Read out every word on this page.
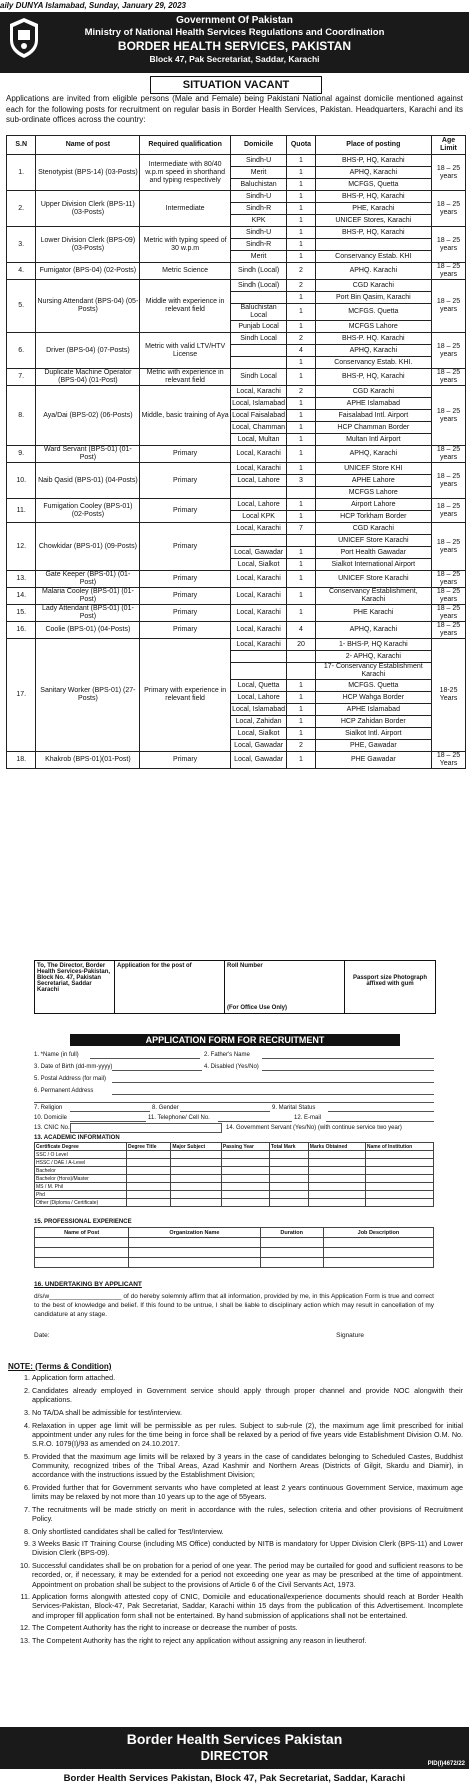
aily DUNYA Islamabad, Sunday, January 29, 2023
Government Of Pakistan
Ministry of National Health Services Regulations and Coordination
BORDER HEALTH SERVICES, PAKISTAN
Block 47, Pak Secretariat, Saddar, Karachi
SITUATION VACANT
Applications are invited from eligible persons (Male and Female) being Pakistani National against domicile mentioned against each for the following posts for recruitment on regular basis in Border Health Services, Pakistan. Headquarters, Karachi and its sub-ordinate offices across the country:
S.N	Name of post	Required qualification	Domicile	Quota	Place of posting	Age Limit
1.	Stenotypist (BPS-14) (03-Posts)	Intermediate with 80/40 w.p.m speed in shorthand and typing respectively	Sindh-U	1	BHS-P, HQ, Karachi	18 – 25 years
			Merit	1	APHQ, Karachi	
			Baluchistan	1	MCFGS, Quetta	
2.	Upper Division Clerk (BPS-11) (03-Posts)	Intermediate	Sindh-U	1	BHS-P, HQ, Karachi	18 – 25 years
			Sindh-R	1	PHE, Karachi	
			KPK	1	UNICEF Stores, Karachi	
3.	Lower Division Clerk (BPS-09) (03-Posts)	Metric with typing speed of 30 w.p.m	Sindh-U	1	BHS-P, HQ, Karachi	18 – 25 years
			Sindh-R	1		
			Merit	1	Conservancy Estab. KHI	
4.	Fumigator (BPS-04) (02-Posts)	Metric Science	Sindh (Local)	2	APHQ. Karachi	18 – 25 years
5.	Nursing Attendant (BPS-04) (05-Posts)	Middle with experience in relevant field	Sindh (Local)	2	CGD Karachi	18 – 25 years
				1	Port Bin Qasim, Karachi	
			Baluchistan Local	1	MCFGS. Quetta	
			Punjab Local	1	MCFGS Lahore	
6.	Driver (BPS-04) (07-Posts)	Metric with valid LTV/HTV License	Sindh Local	2	BHS-P. HQ. Karachi	18 – 25 years
				4	APHQ, Karachi	
				1	Conservancy Estab. KHI.	
7.	Duplicate Machine Operator (BPS-04) (01-Post)	Metric with experience in relevant field	Sindh Local	1	BHS-P, HQ, Karachi	18 – 25 years
8.	Aya/Dai (BPS-02) (06-Posts)	Middle, basic training of Aya	Local, Karachi	2	CGD Karachi	18 – 25 years
			Local, Islamabad	1	APHE Islamabad	
			Local Faisalabad	1	Faisalabad Intl. Airport	
			Local, Chamman	1	HCP Chamman Border	
			Local, Multan	1	Multan Intl Airport	
9.	Ward Servant (BPS-01) (01-Post)	Primary	Local, Karachi	1	APHQ, Karachi	18 – 25 years
10.	Naib Qasid (BPS-01) (04-Posts)	Primary	Local, Karachi	1	UNICEF Store KHI	18 – 25 years
			Local, Lahore	3	APHE Lahore	
					MCFGS Lahore	
11.	Fumigation Cooley (BPS-01) (02-Posts)	Primary	Local, Lahore	1	Airport Lahore	18 – 25 years
			Local KPK	1	HCP Torkham Border	
12.	Chowkidar (BPS-01) (09-Posts)	Primary	Local, Karachi	7	CGD Karachi	18 – 25 years
					UNICEF Store Karachi	
			Local, Gawadar	1	Port Health Gawadar	
			Local, Sialkot	1	Sialkot International Airport	
13.	Gate Keeper (BPS-01) (01-Post)	Primary	Local, Karachi	1	UNICEF Store Karachi	18 – 25 years
14.	Malaria Cooley (BPS-01) (01-Post)	Primary	Local, Karachi	1	Conservancy Establishment, Karachi	18 – 25 years
15.	Lady Attendant (BPS-01) (01-Post)	Primary	Local, Karachi	1	PHE Karachi	18 – 25 years
16.	Coolie (BPS-01) (04-Posts)	Primary	Local, Karachi	4	APHQ, Karachi	18 – 25 years
17.	Sanitary Worker (BPS-01) (27-Posts)	Primary with experience in relevant field	Local, Karachi	20	1- BHS-P, HQ Karachi	18-25 Years
					2- APHQ, Karachi	
					17- Conservancy Establishment Karachi	
			Local, Quetta	1	MCFGS. Quetta	
			Local, Lahore	1	HCP Wahga Border	
			Local, Islamabad	1	APHE Islamabad	
			Local, Zahidan	1	HCP Zahidan Border	
			Local, Sialkot	1	Sialkot Intl. Airport	
			Local, Gawadar	2	PHE, Gawadar	
18.	Khakrob (BPS-01)(01-Post)	Primary	Local, Gawadar	1	PHE Gawadar	18 – 25 Years
To, The Director, Border Health Services-Pakistan, Block No. 47, Pakistan Secretariat, Saddar Karachi
Application for the post of	Roll Number
(For Office Use Only)
Passport size Photograph affixed with gum
APPLICATION FORM FOR RECRUITMENT
1. *Name (in full)	2. Father's Name
3. Date of Birth (dd-mm-yyyy)	4. Disabled (Yes/No)
5. Postal Address (for mail)
6. Permanent Address
7. Religion	8. Gender	9. Marital Status
10. Domicile	11. Telephone/ Cell No.	12. E-mail
13. CNIC No.	14. Government Servant (Yes/No) (with continue service two year)
13. ACADEMIC INFORMATION
Certificate Degree	Degree Title	Major Subject	Passing Year	Total Mark	Marks Obtained	Name of Institution
SSC / O Level						
HSSC / DAE / A-Level						
Bachelor						
Bachelor (Hons)/Master						
MS / M. Phil						
Phd						
Other (Diploma / Certificate)						
15. PROFESSIONAL EXPERIENCE
Name of Post	Organization Name	Duration	Job Description

16. UNDERTAKING BY APPLICANT
d/s/w____________________ of do hereby solemnly affirm that all information, provided by me, in this Application Form is true and correct to the best of knowledge and belief. If this found to be untrue, I shall be liable to disciplinary action which may result in cancellation of my candidature at any stage.
Date:	Signature
NOTE: (Terms & Condition)
1. Application form attached.
2. Candidates already employed in Government service should apply through proper channel and provide NOC alongwith their applications.
3. No TA/DA shall be admissible for test/interview.
4. Relaxation in upper age limit will be permissible as per rules. Subject to sub-rule (2), the maximum age limit prescribed for initial appointment under any rules for the time being in force shall be relaxed by a period of five years vide Establishment Division O.M. No. S.R.O. 1079(I)/93 as amended on 24.10.2017.
5. Provided that the maximum age limits will be relaxed by 3 years in the case of candidates belonging to Scheduled Castes, Buddhist Community, recognized tribes of the Tribal Areas, Azad Kashmir and Northern Areas (Districts of Gilgit, Skardu and Diamir), in accordance with the instructions issued by the Establishment Division;
6. Provided further that for Government servants who have completed at least 2 years continuous Government Service, maximum age limits may be relaxed by not more than 10 years up to the age of 55years.
7. The recruitments will be made strictly on merit in accordance with the rules, selection criteria and other provisions of Recruitment Policy.
8. Only shortlisted candidates shall be called for Test/Interview.
9. 3 Weeks Basic IT Training Course (including MS Office) conducted by NITB is mandatory for Upper Division Clerk (BPS-11) and Lower Division Clerk (BPS-09).
10. Successful candidates shall be on probation for a period of one year. The period may be curtailed for good and sufficient reasons to be recorded, or, if necessary, it may be extended for a period not exceeding one year as may be prescribed at the time of appointment. Appointment on probation shall be subject to the provisions of Article 6 of the Civil Servants Act, 1973.
11. Application forms alongwith attested copy of CNIC, Domicile and educational/experience documents should reach at Border Health Services-Pakistan, Block-47, Pak Secretariat, Saddar, Karachi within 15 days from the publication of this Advertisement. Incomplete and improper fill application form shall not be entertained. By hand submission of applications shall not be entertained.
12. The Competent Authority has the right to increase or decrease the number of posts.
13. The Competent Authority has the right to reject any application without assigning any reason in lieutherof.
Border Health Services Pakistan
DIRECTOR
PID(I)4672/22
Border Health Services Pakistan, Block 47, Pak Secretariat, Saddar, Karachi
